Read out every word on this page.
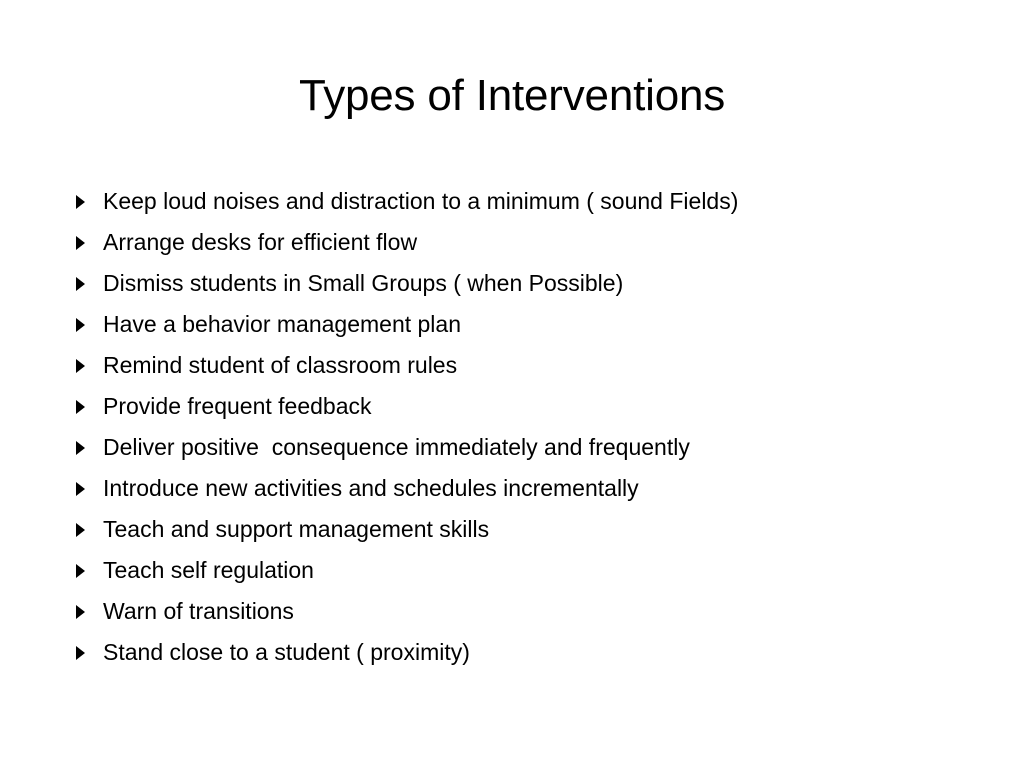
Types of Interventions
Keep loud noises and distraction to a minimum ( sound Fields)
Arrange desks for efficient flow
Dismiss students in Small Groups ( when Possible)
Have a behavior management plan
Remind student of classroom rules
Provide frequent feedback
Deliver positive  consequence immediately and frequently
Introduce new activities and schedules incrementally
Teach and support management skills
Teach self regulation
Warn of transitions
Stand close to a student ( proximity)
